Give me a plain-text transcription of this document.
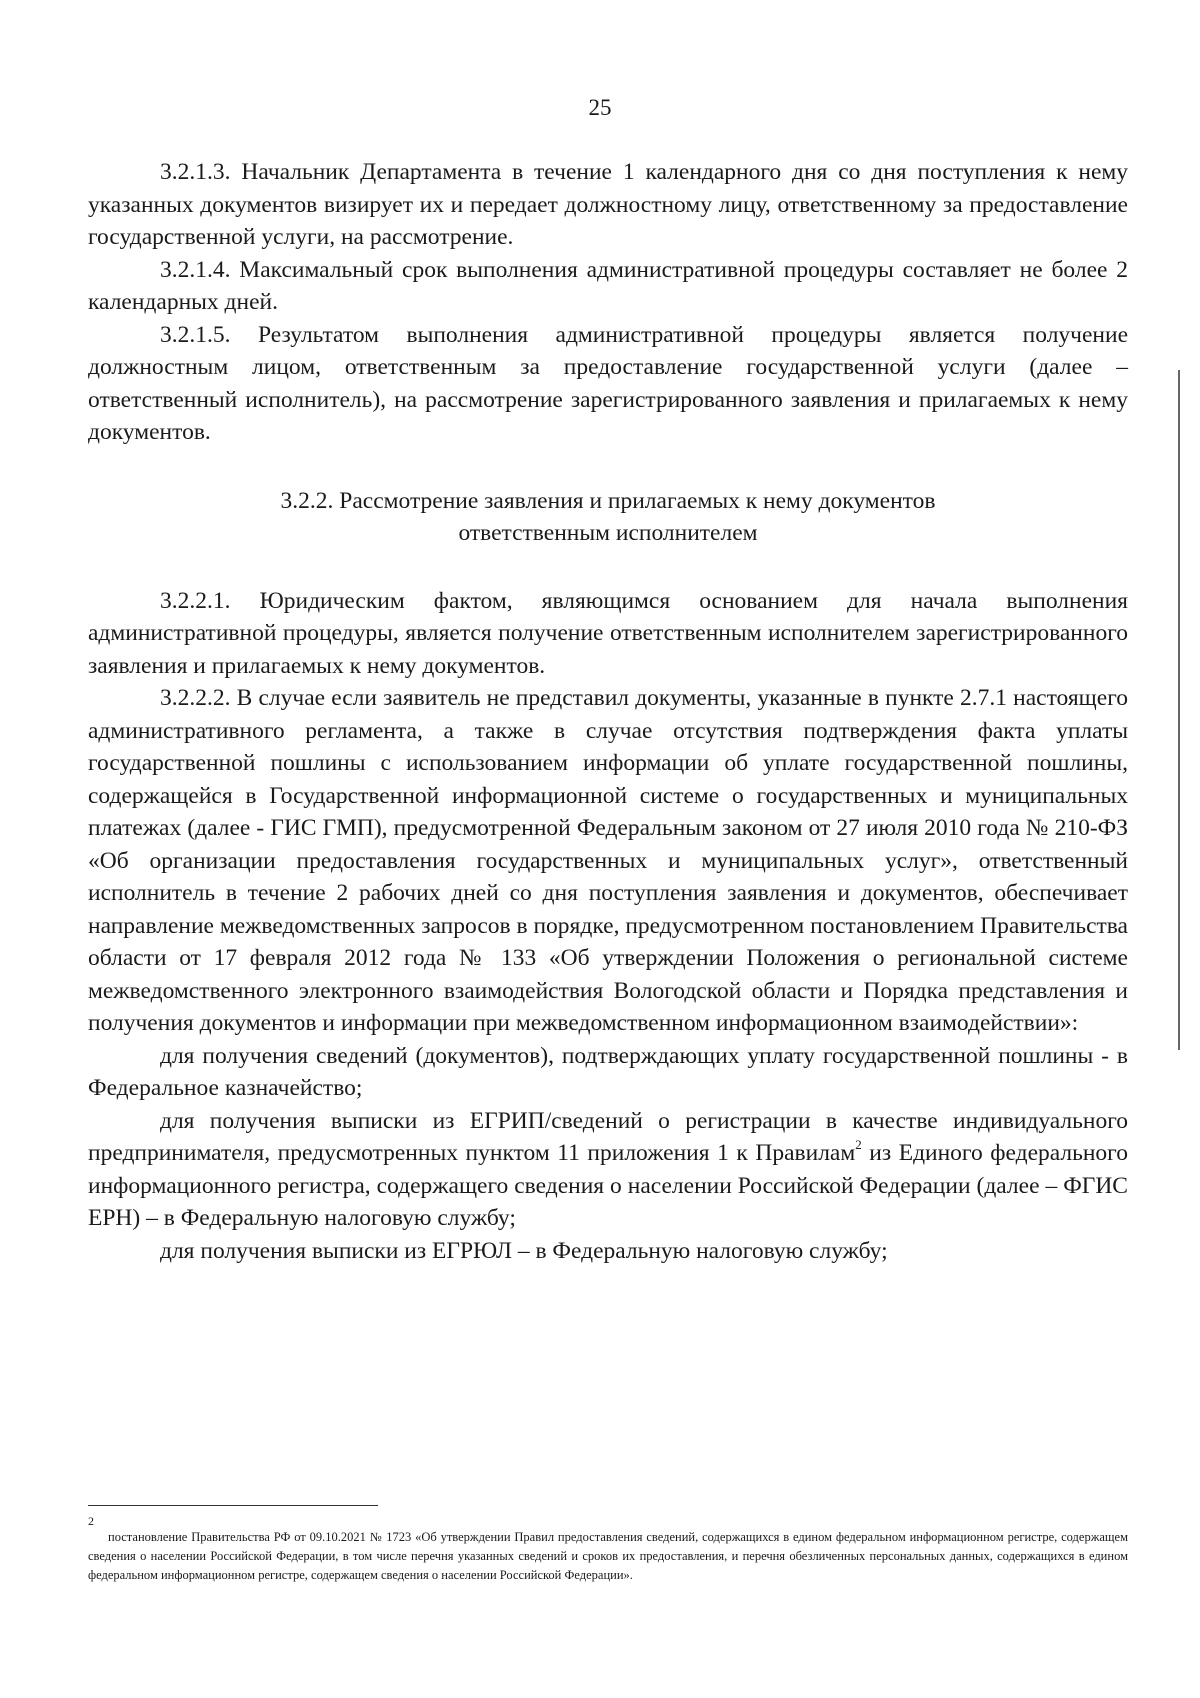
25

3.2.1.3. Начальник Департамента в течение 1 календарного дня со дня поступления к нему указанных документов визирует их и передает должностному лицу, ответственному за предоставление государственной услуги, на рассмотрение.

3.2.1.4. Максимальный срок выполнения административной процедуры составляет не более 2 календарных дней.

3.2.1.5. Результатом выполнения административной процедуры является получение должностным лицом, ответственным за предоставление государственной услуги (далее – ответственный исполнитель), на рассмотрение зарегистрированного заявления и прилагаемых к нему документов.

3.2.2. Рассмотрение заявления и прилагаемых к нему документов
ответственным исполнителем

3.2.2.1. Юридическим фактом, являющимся основанием для начала выполнения административной процедуры, является получение ответственным исполнителем зарегистрированного заявления и прилагаемых к нему документов.

3.2.2.2. В случае если заявитель не представил документы, указанные в пункте 2.7.1 настоящего административного регламента, а также в случае отсутствия подтверждения факта уплаты государственной пошлины с использованием информации об уплате государственной пошлины, содержащейся в Государственной информационной системе о государственных и муниципальных платежах (далее - ГИС ГМП), предусмотренной Федеральным законом от 27 июля 2010 года № 210-ФЗ «Об организации предоставления государственных и муниципальных услуг», ответственный исполнитель в течение 2 рабочих дней со дня поступления заявления и документов, обеспечивает направление межведомственных запросов в порядке, предусмотренном постановлением Правительства области от 17 февраля 2012 года № 133 «Об утверждении Положения о региональной системе межведомственного электронного взаимодействия Вологодской области и Порядка представления и получения документов и информации при межведомственном информационном взаимодействии»:

для получения сведений (документов), подтверждающих уплату государственной пошлины - в Федеральное казначейство;

для получения выписки из ЕГРИП/сведений о регистрации в качестве индивидуального предпринимателя, предусмотренных пунктом 11 приложения 1 к Правилам$^2$ из Единого федерального информационного регистра, содержащего сведения о населении Российской Федерации (далее – ФГИС ЕРН) – в Федеральную налоговую службу;

для получения выписки из ЕГРЮЛ – в Федеральную налоговую службу;

2

постановление Правительства РФ от 09.10.2021 № 1723 «Об утверждении Правил предоставления сведений, содержащихся в едином федеральном информационном регистре, содержащем сведения о населении Российской Федерации, в том числе перечня указанных сведений и сроков их предоставления, и перечня обезличенных персональных данных, содержащихся в едином федеральном информационном регистре, содержащем сведения о населении Российской Федерации».
